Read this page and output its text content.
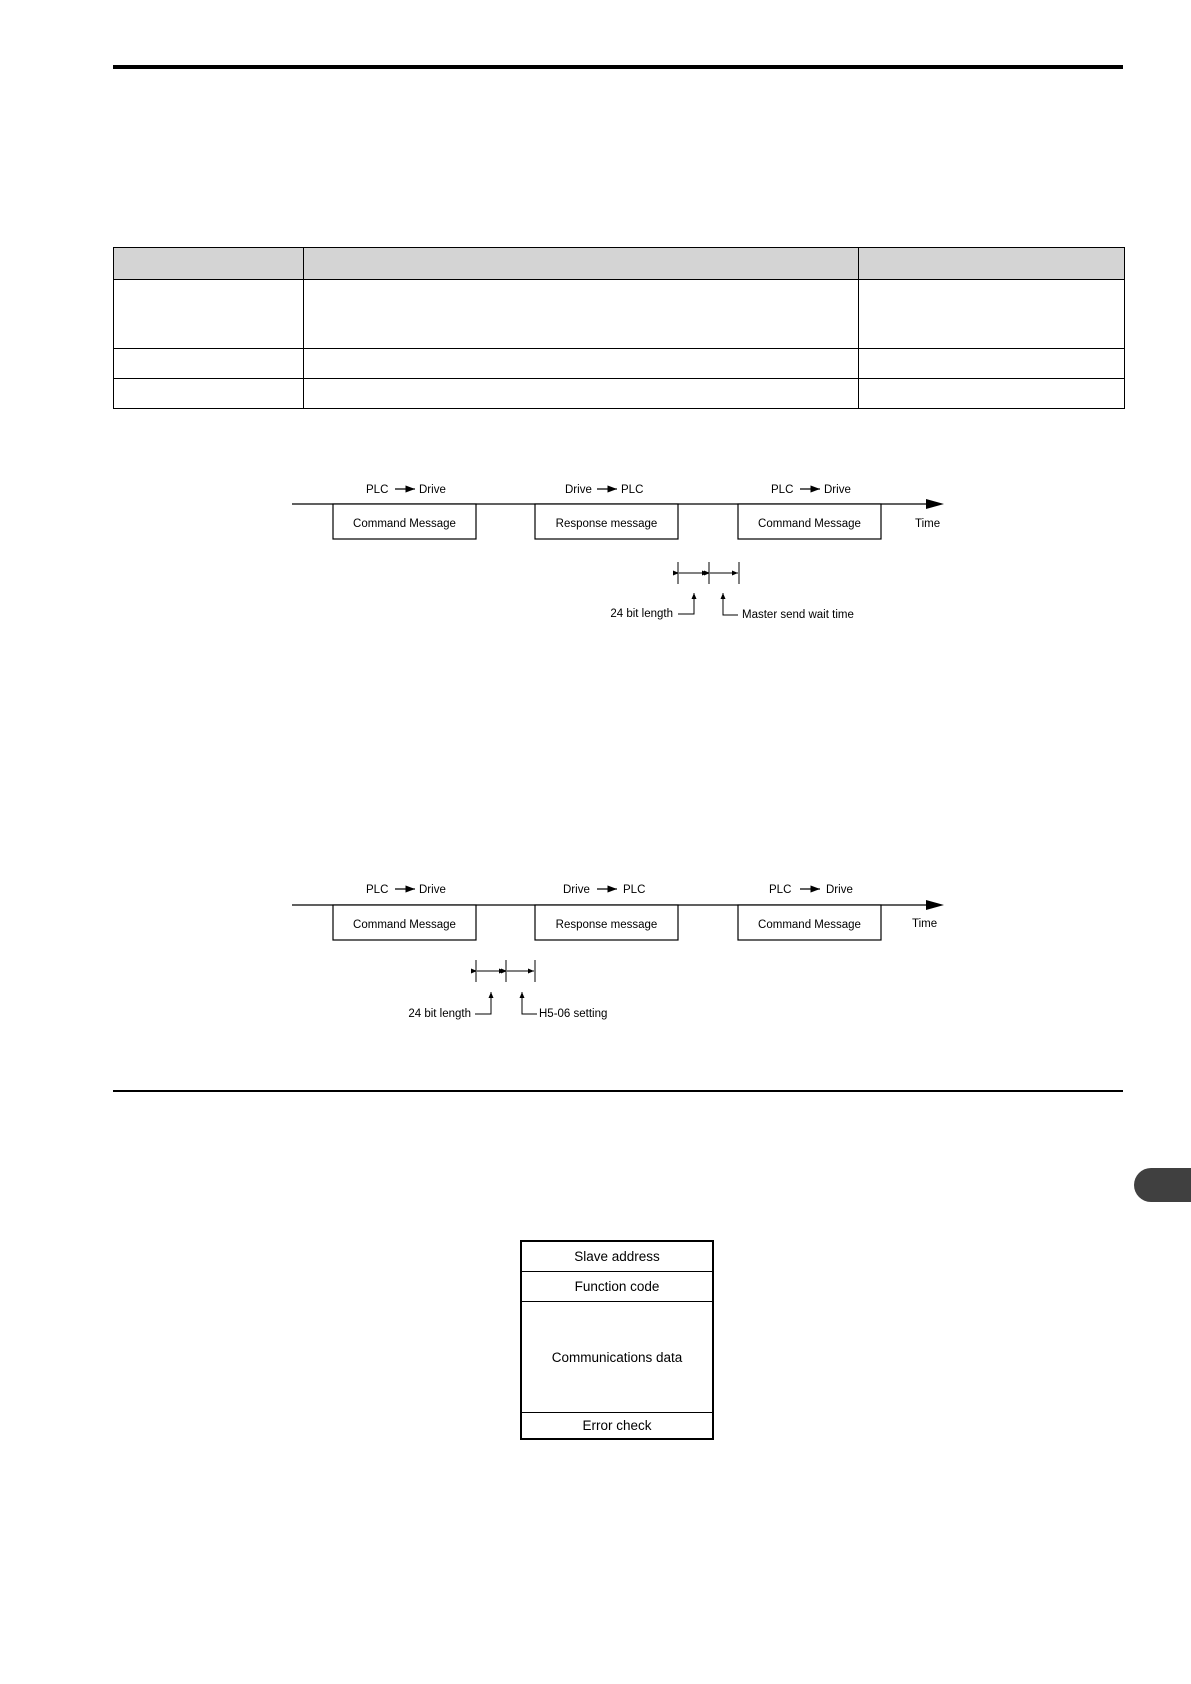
Time
PLC	Drive	Drive	PLC	PLC	Drive
Command Message	Response message	Command Message
24 bit length	Master send wait time
Time
PLC	Drive	Drive	PLC	PLC	Drive
Command Message	Response message	Command Message
24 bit length	H5-06 setting
Slave address
Function code
Communications data
Error check
